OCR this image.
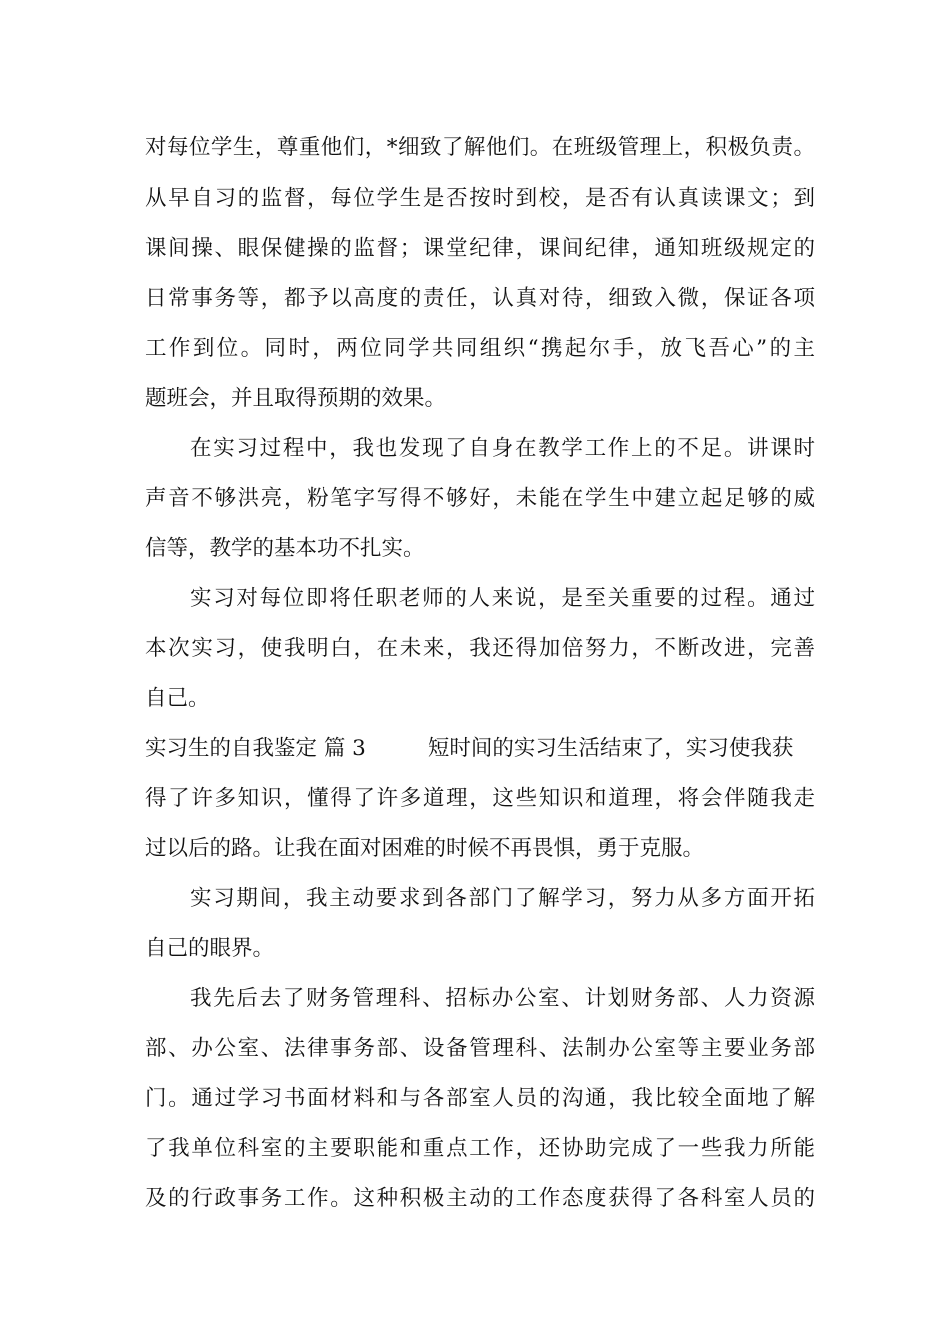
对每位学生，尊重他们，*细致了解他们。在班级管理上，积极负责。
从早自习的监督，每位学生是否按时到校，是否有认真读课文；到
课间操、眼保健操的监督；课堂纪律，课间纪律，通知班级规定的
日常事务等，都予以高度的责任，认真对待，细致入微，保证各项
工作到位。同时，两位同学共同组织“携起尔手，放飞吾心”的主
题班会，并且取得预期的效果。
在实习过程中，我也发现了自身在教学工作上的不足。讲课时
声音不够洪亮，粉笔字写得不够好，未能在学生中建立起足够的威
信等，教学的基本功不扎实。
实习对每位即将任职老师的人来说，是至关重要的过程。通过
本次实习，使我明白，在未来，我还得加倍努力，不断改进，完善
自己。
实习生的自我鉴定 篇 3	短时间的实习生活结束了，实习使我获
得了许多知识，懂得了许多道理，这些知识和道理，将会伴随我走
过以后的路。让我在面对困难的时候不再畏惧，勇于克服。
实习期间，我主动要求到各部门了解学习，努力从多方面开拓
自己的眼界。
我先后去了财务管理科、招标办公室、计划财务部、人力资源
部、办公室、法律事务部、设备管理科、法制办公室等主要业务部
门。通过学习书面材料和与各部室人员的沟通，我比较全面地了解
了我单位科室的主要职能和重点工作，还协助完成了一些我力所能
及的行政事务工作。这种积极主动的工作态度获得了各科室人员的
